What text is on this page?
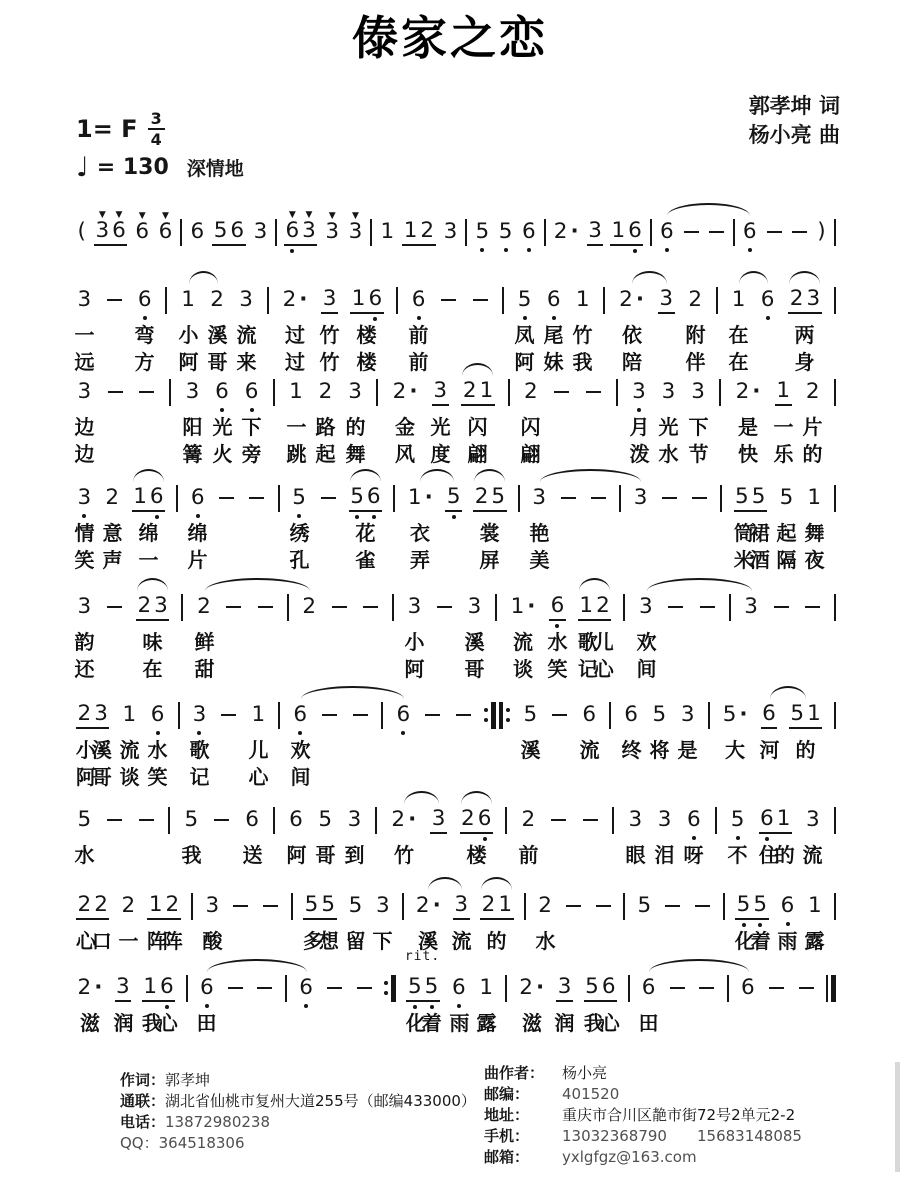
傣家之恋
郭孝坤 词
杨小亮 曲
1= F $\frac{3}{4}$
♩ = 130 深情地
( ▼ 3 ▼ 6 ▼ 6 ▼ 6 6 5 6 3 ▼ 6 ▼ 3 ▼ 3 ▼ 3 1 1 2 3 5 5 6 2 · 3 1 6 6	6	)
3 6 1 2 3 2 · 3 1 6 6	5 6 1 2 · 3 2 1 6 2 3
一 弯 小 溪 流 过 竹 楼 前	凤 尾 竹 依 附 在 两
远 方 阿 哥 来 过 竹 楼 前	阿 妹 我 陪 伴 在 身
3	3 6 6 1 2 3 2 · 3 2 1 2	3 3 3 2 · 1 2
边	阳 光 下 一 路 的 金 光 闪 闪	月 光 下 是 一 片
边	篝 火 旁 跳 起 舞 风 度 翩 翩	泼 水 节 快 乐 的
3 2 1 6 6	5 5 6 1 · 5 2 5 3	3	5 5 5 1
情 意 绵 绵	绣 花 衣 裳 艳	筒
裙 起 舞
笑 声 一 片	孔 雀 弄 屏 美	米
酒 隔 夜
3 2 3 2	2	3 3 1 · 6 1 2 3	3
韵 味 鲜	小 溪 流 水 歌
儿 欢
还 在 甜	阿 哥 谈 笑 记
心 间
2 3 1 6 3 1 6	6	5 6 6 5 3 5 · 6 5 1
小
溪 流 水 歌 儿 欢	溪 流 终 将 是 大 河 的
阿
哥 谈 笑 记 心 间
5	5 6 6 5 3 2 · 3 2 6 2	3 3 6 5 6 1 3
水	我 送 阿 哥 到 竹	楼 前	眼 泪 呀 不 住
的 流
2 2 2 1 2 3	5 5 5 3 2 · 3 2 1 2	5	5 5 6 1
心
口 一 阵
阵 酸	多
想 留 下 溪 流 的 水	化
着 雨 露
2 · 3 1 6 6	6	5 5 6 1 2 · 3 5 6 6	6
滋 润 我
心 田	化
着 雨 露 滋 润 我
心 田
rit.
作词： 郭孝坤
通联： 湖北省仙桃市复州大道255号（邮编433000）
电话： 13872980238
QQ： 364518306
曲作者：	杨小亮
邮编：	401520
地址：	重庆市合川区靘市街72号2单元2-2
手机：	13032368790　　15683148085
邮箱：	yxlgfgz@163.com
